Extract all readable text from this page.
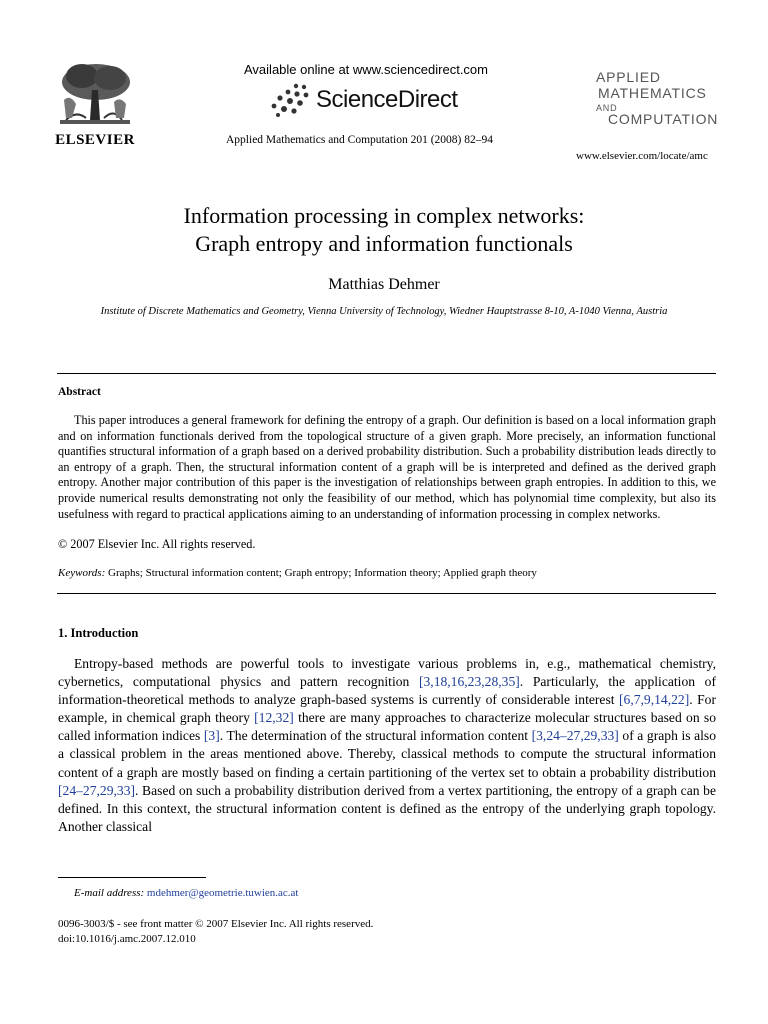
ELSEVIER
Available online at www.sciencedirect.com
ScienceDirect
Applied Mathematics and Computation 201 (2008) 82–94
APPLIED
MATHEMATICS
AND
COMPUTATION
www.elsevier.com/locate/amc
Information processing in complex networks:
Graph entropy and information functionals
Matthias Dehmer
Institute of Discrete Mathematics and Geometry, Vienna University of Technology, Wiedner Hauptstrasse 8-10, A-1040 Vienna, Austria
Abstract

This paper introduces a general framework for defining the entropy of a graph. Our definition is based on a local information graph and on information functionals derived from the topological structure of a given graph. More precisely, an information functional quantifies structural information of a graph based on a derived probability distribution. Such a probability distribution leads directly to an entropy of a graph. Then, the structural information content of a graph will be is interpreted and defined as the derived graph entropy. Another major contribution of this paper is the investigation of relationships between graph entropies. In addition to this, we provide numerical results demonstrating not only the feasibility of our method, which has polynomial time complexity, but also its usefulness with regard to practical applications aiming to an understanding of information processing in complex networks.

© 2007 Elsevier Inc. All rights reserved.
Keywords: Graphs; Structural information content; Graph entropy; Information theory; Applied graph theory
1. Introduction

Entropy-based methods are powerful tools to investigate various problems in, e.g., mathematical chemistry, cybernetics, computational physics and pattern recognition [3,18,16,23,28,35]. Particularly, the application of information-theoretical methods to analyze graph-based systems is currently of considerable interest [6,7,9,14,22]. For example, in chemical graph theory [12,32] there are many approaches to characterize molecular structures based on so called information indices [3]. The determination of the structural information content [3,24–27,29,33] of a graph is also a classical problem in the areas mentioned above. Thereby, classical methods to compute the structural information content of a graph are mostly based on finding a certain partitioning of the vertex set to obtain a probability distribution [24–27,29,33]. Based on such a probability distribution derived from a vertex partitioning, the entropy of a graph can be defined. In this context, the structural information content is defined as the entropy of the underlying graph topology. Another classical

E-mail address: mdehmer@geometrie.tuwien.ac.at
0096-3003/$ - see front matter © 2007 Elsevier Inc. All rights reserved.
doi:10.1016/j.amc.2007.12.010
